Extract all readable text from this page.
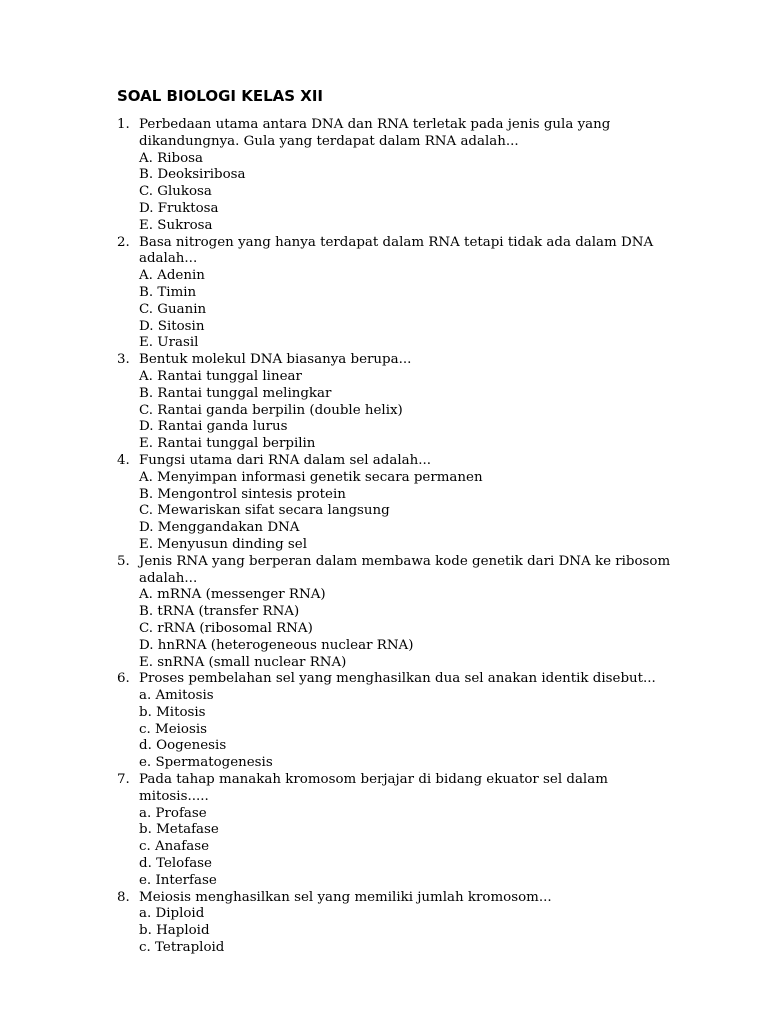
SOAL BIOLOGI KELAS XII
1. Perbedaan utama antara DNA dan RNA terletak pada jenis gula yang dikandungnya. Gula yang terdapat dalam RNA adalah...
A. Ribosa
B. Deoksiribosa
C. Glukosa
D. Fruktosa
E. Sukrosa
2. Basa nitrogen yang hanya terdapat dalam RNA tetapi tidak ada dalam DNA adalah...
A. Adenin
B. Timin
C. Guanin
D. Sitosin
E. Urasil
3. Bentuk molekul DNA biasanya berupa...
A. Rantai tunggal linear
B. Rantai tunggal melingkar
C. Rantai ganda berpilin (double helix)
D. Rantai ganda lurus
E. Rantai tunggal berpilin
4. Fungsi utama dari RNA dalam sel adalah...
A. Menyimpan informasi genetik secara permanen
B. Mengontrol sintesis protein
C. Mewariskan sifat secara langsung
D. Menggandakan DNA
E. Menyusun dinding sel
5. Jenis RNA yang berperan dalam membawa kode genetik dari DNA ke ribosom adalah...
A. mRNA (messenger RNA)
B. tRNA (transfer RNA)
C. rRNA (ribosomal RNA)
D. hnRNA (heterogeneous nuclear RNA)
E. snRNA (small nuclear RNA)
6. Proses pembelahan sel yang menghasilkan dua sel anakan identik disebut...
a. Amitosis
b. Mitosis
c. Meiosis
d. Oogenesis
e. Spermatogenesis
7. Pada tahap manakah kromosom berjajar di bidang ekuator sel dalam mitosis.....
a. Profase
b. Metafase
c. Anafase
d. Telofase
e. Interfase
8. Meiosis menghasilkan sel yang memiliki jumlah kromosom...
a. Diploid
b. Haploid
c. Tetraploid
